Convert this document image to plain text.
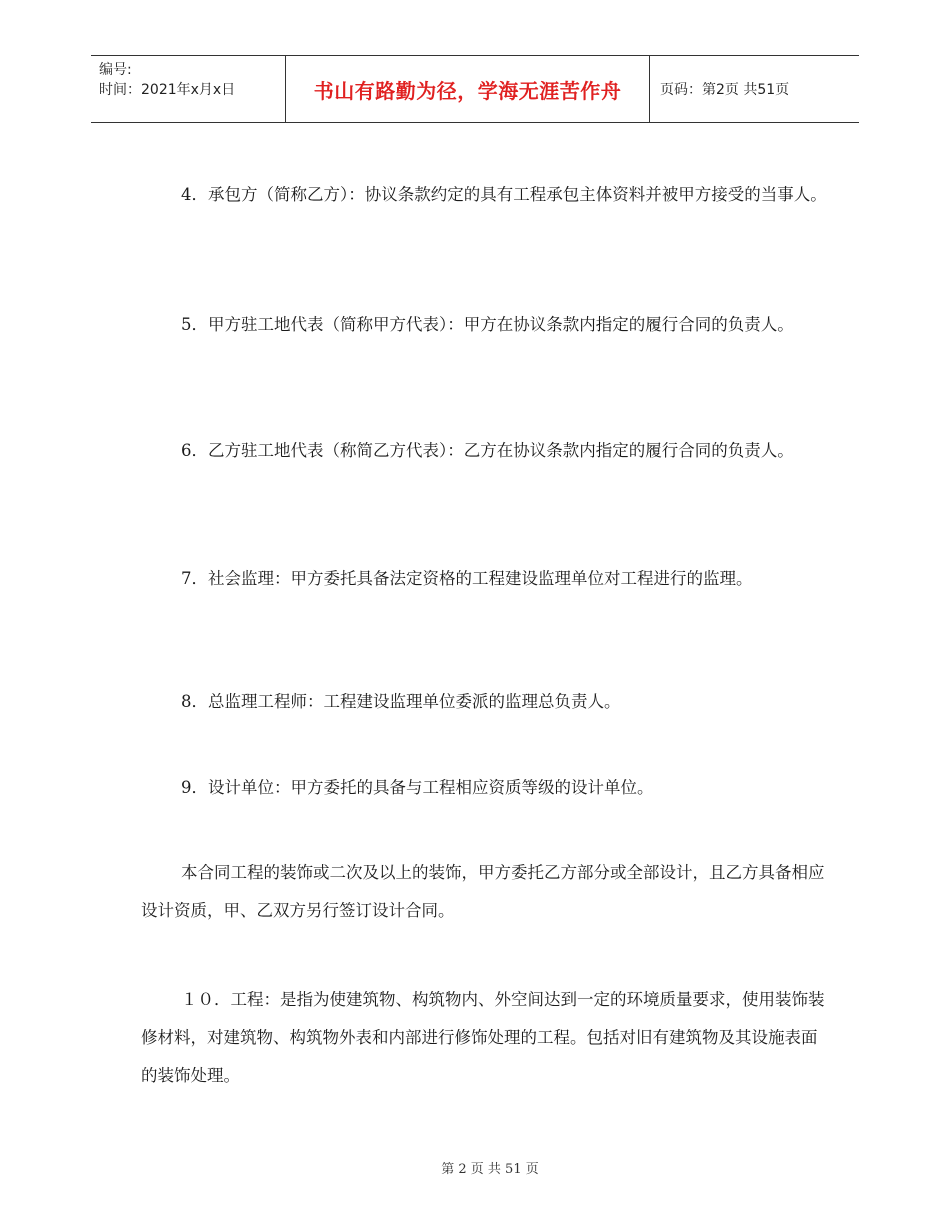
编号:
时间：2021年x月x日	书山有路勤为径，学海无涯苦作舟	页码：第2页 共51页

4．承包方（简称乙方）：协议条款约定的具有工程承包主体资料并被甲方接受的当事人。

5．甲方驻工地代表（简称甲方代表）：甲方在协议条款内指定的履行合同的负责人。

6．乙方驻工地代表（称简乙方代表）：乙方在协议条款内指定的履行合同的负责人。

7．社会监理：甲方委托具备法定资格的工程建设监理单位对工程进行的监理。

8．总监理工程师：工程建设监理单位委派的监理总负责人。

9．设计单位：甲方委托的具备与工程相应资质等级的设计单位。

本合同工程的装饰或二次及以上的装饰，甲方委托乙方部分或全部设计，且乙方具备相应设计资质，甲、乙双方另行签订设计合同。

１０．工程：是指为使建筑物、构筑物内、外空间达到一定的环境质量要求，使用装饰装修材料，对建筑物、构筑物外表和内部进行修饰处理的工程。包括对旧有建筑物及其设施表面的装饰处理。

第 2 页 共 51 页
